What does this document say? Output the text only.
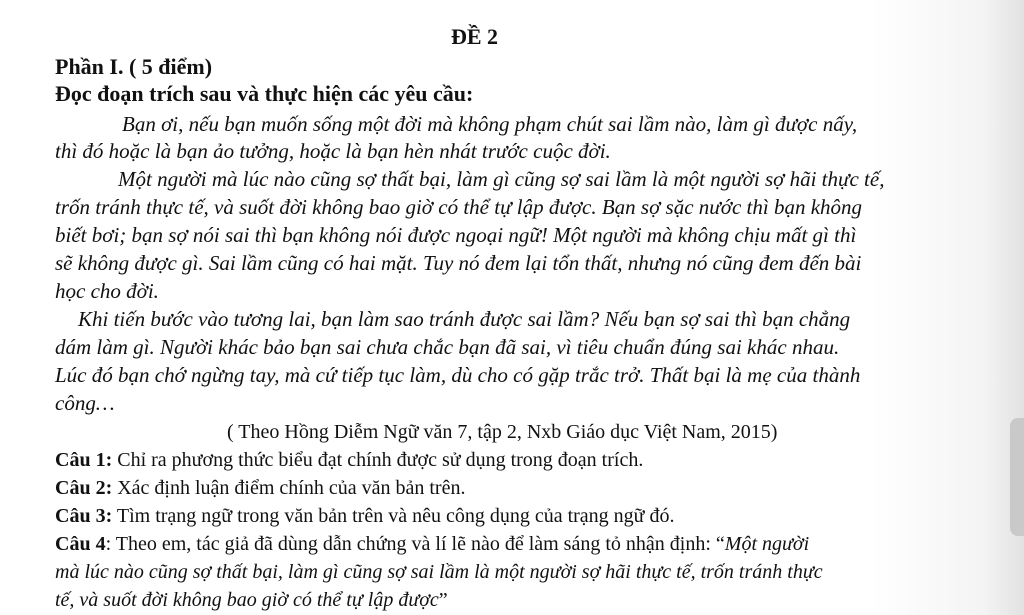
ĐỀ 2
Phần I. ( 5 điểm)
Đọc đoạn trích sau và thực hiện các yêu cầu:
Bạn ơi, nếu bạn muốn sống một đời mà không phạm chút sai lầm nào, làm gì được nấy,
thì đó hoặc là bạn ảo tưởng, hoặc là bạn hèn nhát trước cuộc đời.
Một người mà lúc nào cũng sợ thất bại, làm gì cũng sợ sai lầm là một người sợ hãi thực tế,
trốn tránh thực tế, và suốt đời không bao giờ có thể tự lập được. Bạn sợ sặc nước thì bạn không
biết bơi; bạn sợ nói sai thì bạn không nói được ngoại ngữ! Một người mà không chịu mất gì thì
sẽ không được gì. Sai lầm cũng có hai mặt. Tuy nó đem lại tổn thất, nhưng nó cũng đem đến bài
học cho đời.
Khi tiến bước vào tương lai, bạn làm sao tránh được sai lầm? Nếu bạn sợ sai thì bạn chẳng
dám làm gì. Người khác bảo bạn sai chưa chắc bạn đã sai, vì tiêu chuẩn đúng sai khác nhau.
Lúc đó bạn chớ ngừng tay, mà cứ tiếp tục làm, dù cho có gặp trắc trở. Thất bại là mẹ của thành
công…
( Theo Hồng Diễm Ngữ văn 7, tập 2, Nxb Giáo dục Việt Nam, 2015)
Câu 1: Chỉ ra phương thức biểu đạt chính được sử dụng trong đoạn trích.
Câu 2: Xác định luận điểm chính của văn bản trên.
Câu 3: Tìm trạng ngữ trong văn bản trên và nêu công dụng của trạng ngữ đó.
Câu 4: Theo em, tác giả đã dùng dẫn chứng và lí lẽ nào để làm sáng tỏ nhận định: “Một người
mà lúc nào cũng sợ thất bại, làm gì cũng sợ sai lầm là một người sợ hãi thực tế, trốn tránh thực
tế, và suốt đời không bao giờ có thể tự lập được”
